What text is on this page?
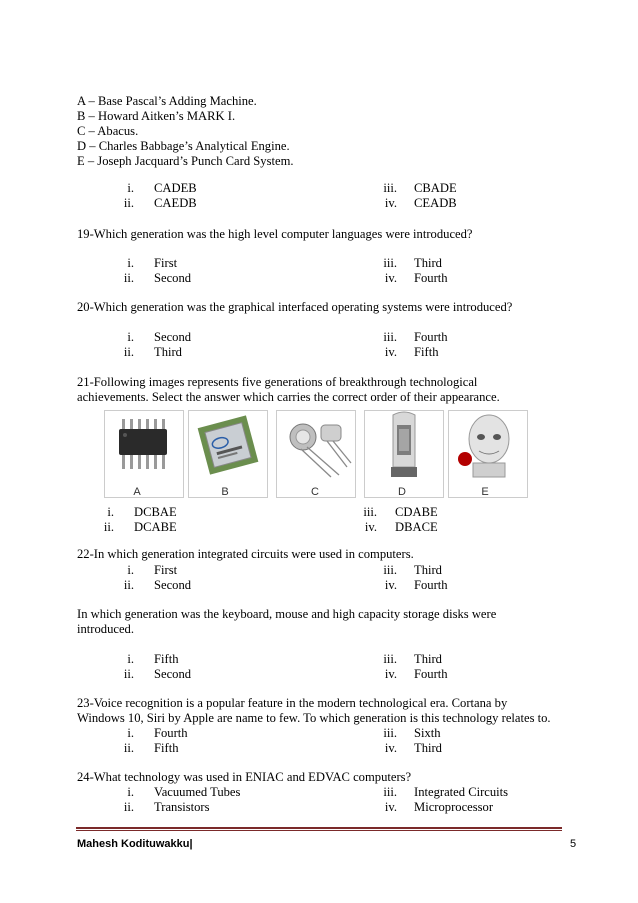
A – Base Pascal’s Adding Machine.
B – Howard Aitken’s MARK I.
C – Abacus.
D – Charles Babbage’s Analytical Engine.
E – Joseph Jacquard’s Punch Card System.
i. CADEB	iii. CBADE
ii. CAEDB	iv. CEADB
19-Which generation was the high level computer languages were introduced?
i. First	iii. Third
ii. Second	iv. Fourth
20-Which generation was the graphical interfaced operating systems were introduced?
i. Second	iii. Fourth
ii. Third	iv. Fifth
21-Following images represents five generations of breakthrough technological
achievements. Select the answer which carries the correct order of their appearance.
A	B	C	D	E
i. DCBAE	iii. CDABE
ii. DCABE	iv. DBACE
22-In which generation integrated circuits were used in computers.
i. First	iii. Third
ii. Second	iv. Fourth
In which generation was the keyboard, mouse and high capacity storage disks were
introduced.
i. Fifth	iii. Third
ii. Second	iv. Fourth
23-Voice recognition is a popular feature in the modern technological era. Cortana by
Windows 10, Siri by Apple are name to few. To which generation is this technology relates to.
i. Fourth	iii. Sixth
ii. Fifth	iv. Third
24-What technology was used in ENIAC and EDVAC computers?
i. Vacuumed Tubes	iii. Integrated Circuits
ii. Transistors	iv. Microprocessor
Mahesh Kodituwakku|	5
